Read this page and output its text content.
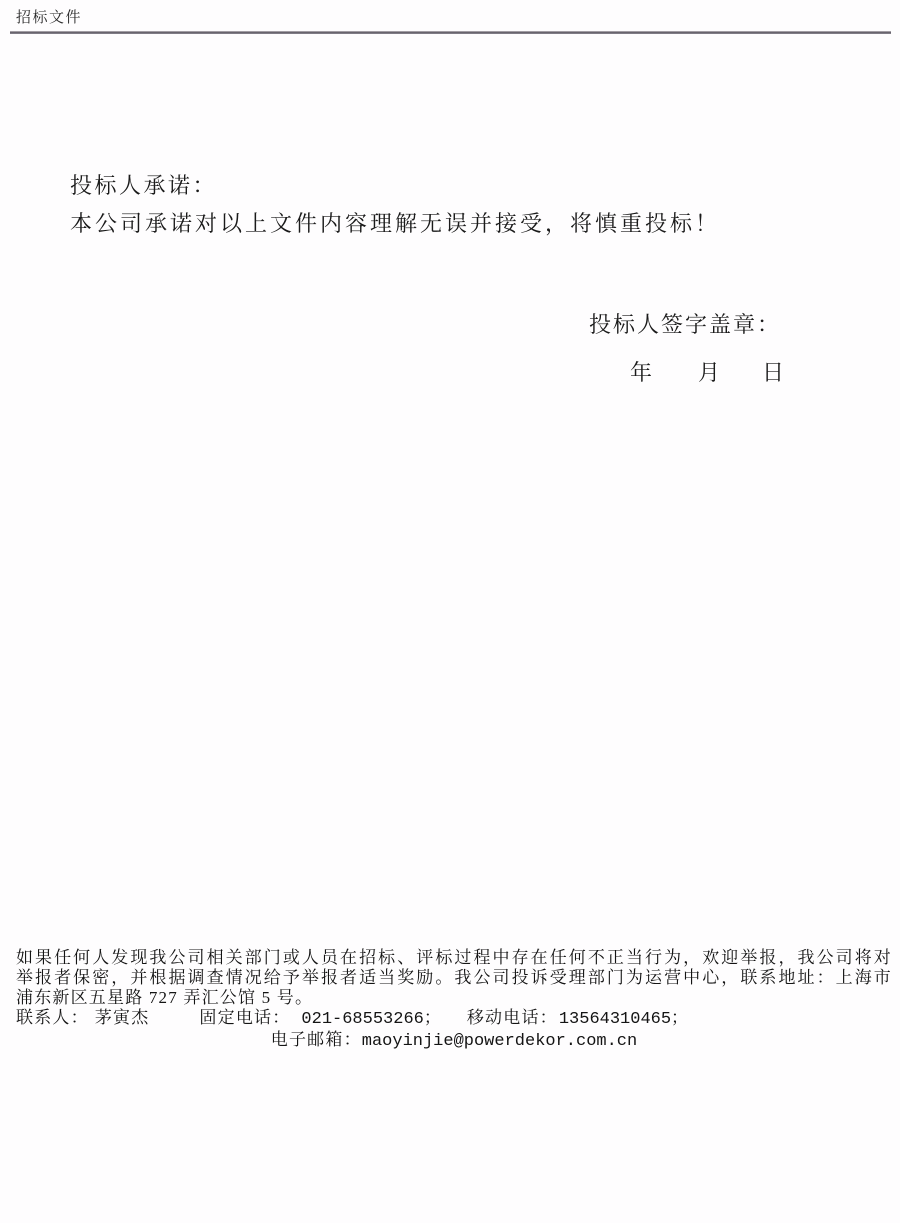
招标文件
投标人承诺：
本公司承诺对以上文件内容理解无误并接受，将慎重投标！
投标人签字盖章：
年 月 日
如果任何人发现我公司相关部门或人员在招标、评标过程中存在任何不正当行为，欢迎举报，我公司将对
举报者保密，并根据调查情况给予举报者适当奖励。我公司投诉受理部门为运营中心，联系地址：上海市
浦东新区五星路 727 弄汇公馆 5 号。
联系人： 茅寅杰	固定电话： 021-68553266； 移动电话：13564310465；
电子邮箱：maoyinjie@powerdekor.com.cn
